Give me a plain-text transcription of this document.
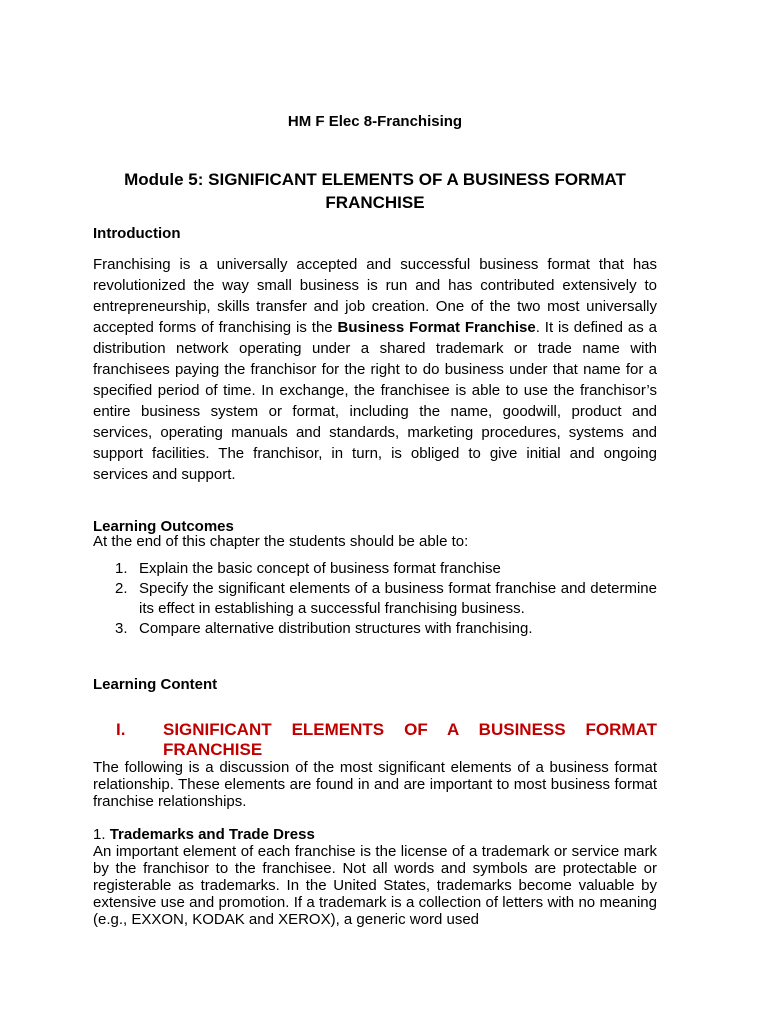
HM F Elec 8-Franchising
Module 5: SIGNIFICANT ELEMENTS OF A BUSINESS FORMAT FRANCHISE
Introduction
Franchising is a universally accepted and successful business format that has revolutionized the way small business is run and has contributed extensively to entrepreneurship, skills transfer and job creation. One of the two most universally accepted forms of franchising is the Business Format Franchise. It is defined as a distribution network operating under a shared trademark or trade name with franchisees paying the franchisor for the right to do business under that name for a specified period of time. In exchange, the franchisee is able to use the franchisor’s entire business system or format, including the name, goodwill, product and services, operating manuals and standards, marketing procedures, systems and support facilities. The franchisor, in turn, is obliged to give initial and ongoing services and support.
Learning Outcomes
At the end of this chapter the students should be able to:
1. Explain the basic concept of business format franchise
2. Specify the significant elements of a business format franchise and determine its effect in establishing a successful franchising business.
3. Compare alternative distribution structures with franchising.
Learning Content
I. SIGNIFICANT ELEMENTS OF A BUSINESS FORMAT FRANCHISE
The following is a discussion of the most significant elements of a business format relationship. These elements are found in and are important to most business format franchise relationships.
1. Trademarks and Trade Dress
An important element of each franchise is the license of a trademark or service mark by the franchisor to the franchisee. Not all words and symbols are protectable or registerable as trademarks. In the United States, trademarks become valuable by extensive use and promotion. If a trademark is a collection of letters with no meaning (e.g., EXXON, KODAK and XEROX), a generic word used
